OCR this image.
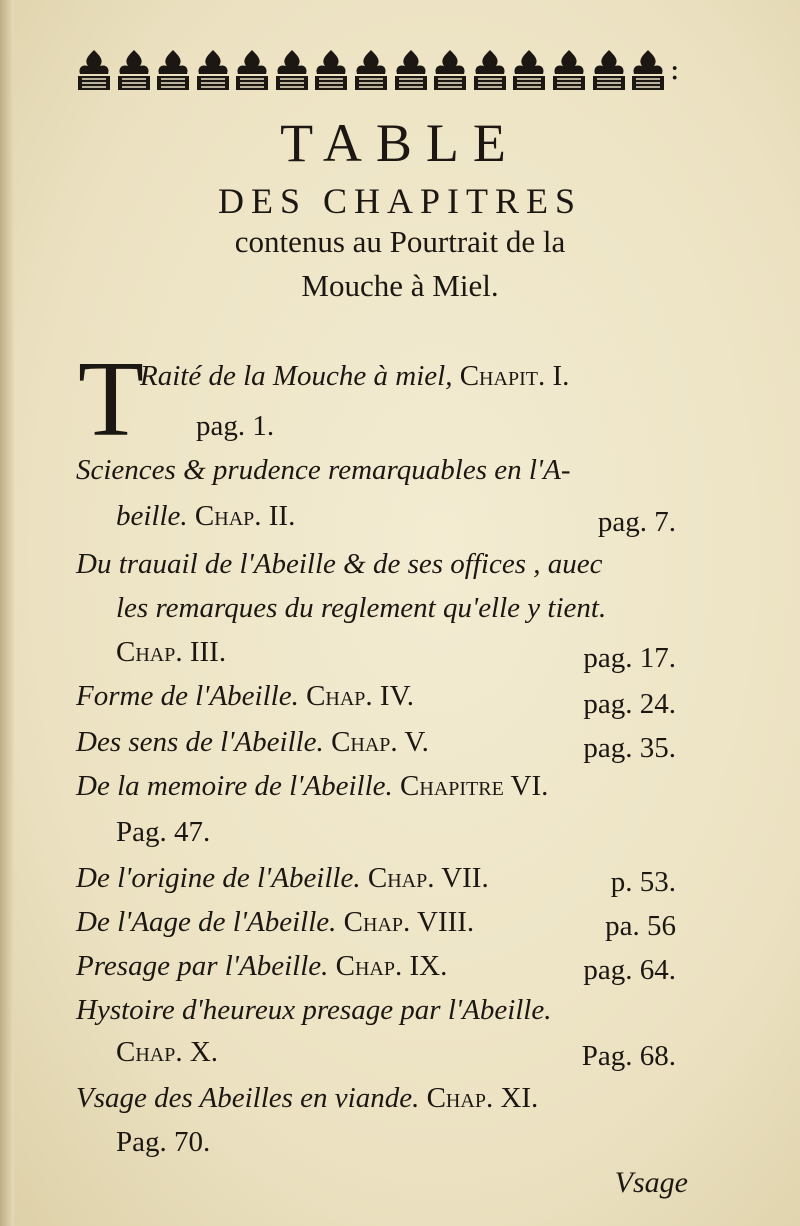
:
TABLE
DES CHAPITRES
contenus au Pourtrait de la
Mouche à Miel.
T
Raité de la Mouche à miel, Chapit. I.
pag. 1.
Sciences & prudence remarquables en l'A-
beille. Chap. II.	pag. 7.
Du trauail de l'Abeille & de ses offices , auec
les remarques du reglement qu'elle y tient.
Chap. III.	pag. 17.
Forme de l'Abeille. Chap. IV.	pag. 24.
Des sens de l'Abeille. Chap. V.	pag. 35.
De la memoire de l'Abeille. Chapitre VI.
Pag. 47.
De l'origine de l'Abeille. Chap. VII.	p. 53.
De l'Aage de l'Abeille. Chap. VIII.	pa. 56
Presage par l'Abeille. Chap. IX.	pag. 64.
Hystoire d'heureux presage par l'Abeille.
Chap. X.	Pag. 68.
Vsage des Abeilles en viande. Chap. XI.
Pag. 70.
Vsage
